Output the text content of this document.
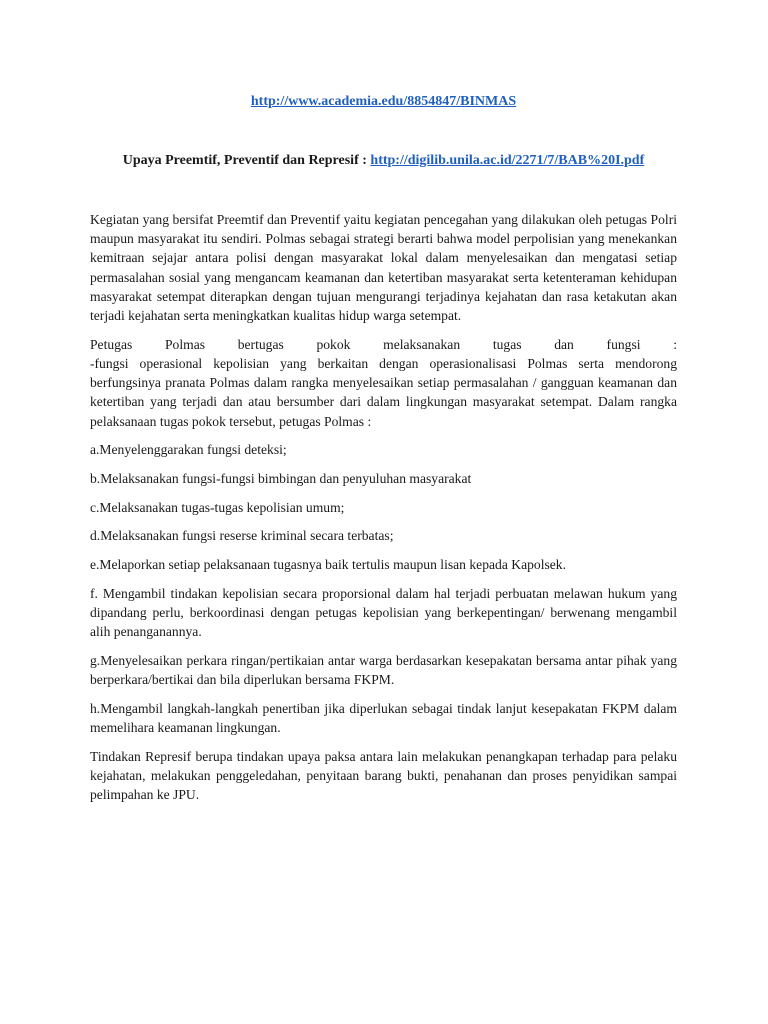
http://www.academia.edu/8854847/BINMAS
Upaya Preemtif, Preventif dan Represif : http://digilib.unila.ac.id/2271/7/BAB%20I.pdf

Kegiatan yang bersifat Preemtif dan Preventif yaitu kegiatan pencegahan yang dilakukan oleh petugas Polri maupun masyarakat itu sendiri. Polmas sebagai strategi berarti bahwa model perpolisian yang menekankan kemitraan sejajar antara polisi dengan masyarakat lokal dalam menyelesaikan dan mengatasi setiap permasalahan sosial yang mengancam keamanan dan ketertiban masyarakat serta ketenteraman kehidupan masyarakat setempat diterapkan dengan tujuan mengurangi terjadinya kejahatan dan rasa ketakutan akan terjadi kejahatan serta meningkatkan kualitas hidup warga setempat.

Petugas Polmas bertugas pokok melaksanakan tugas dan fungsi :
-fungsi operasional kepolisian yang berkaitan dengan operasionalisasi Polmas serta mendorong berfungsinya pranata Polmas dalam rangka menyelesaikan setiap permasalahan / gangguan keamanan dan ketertiban yang terjadi dan atau bersumber dari dalam lingkungan masyarakat setempat. Dalam rangka pelaksanaan tugas pokok tersebut, petugas Polmas :

a.Menyelenggarakan fungsi deteksi;

b.Melaksanakan fungsi-fungsi bimbingan dan penyuluhan masyarakat

c.Melaksanakan tugas-tugas kepolisian umum;

d.Melaksanakan fungsi reserse kriminal secara terbatas;

e.Melaporkan setiap pelaksanaan tugasnya baik tertulis maupun lisan kepada Kapolsek.

f. Mengambil tindakan kepolisian secara proporsional dalam hal terjadi perbuatan melawan hukum yang dipandang perlu, berkoordinasi dengan petugas kepolisian yang berkepentingan/ berwenang mengambil alih penanganannya.

g.Menyelesaikan perkara ringan/pertikaian antar warga berdasarkan kesepakatan bersama antar pihak yang berperkara/bertikai dan bila diperlukan bersama FKPM.

h.Mengambil langkah-langkah penertiban jika diperlukan sebagai tindak lanjut kesepakatan FKPM dalam memelihara keamanan lingkungan.

Tindakan Represif berupa tindakan upaya paksa antara lain melakukan penangkapan terhadap para pelaku kejahatan, melakukan penggeledahan, penyitaan barang bukti, penahanan dan proses penyidikan sampai pelimpahan ke JPU.
